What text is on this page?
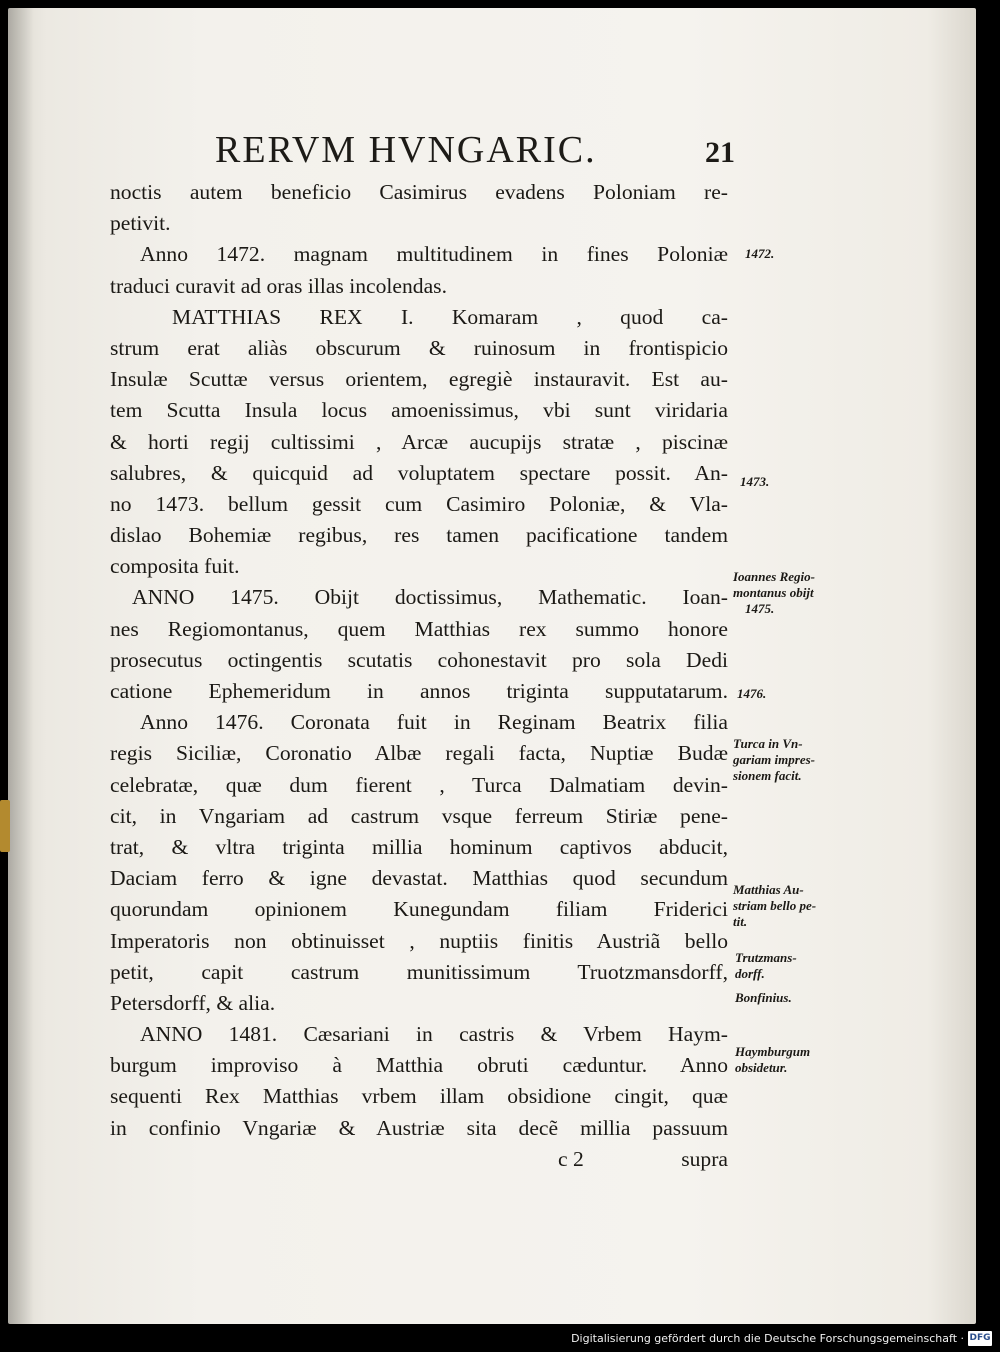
RERVM HVNGARIC.	21
noctis autem beneficio Casimirus evadens Poloniam re-
petivit.
Anno 1472. magnam multitudinem in fines Poloniæ
traduci curavit ad oras illas incolendas.
MATTHIAS REX I. Komaram , quod ca-
strum erat aliàs obscurum & ruinosum in frontispicio
Insulæ Scuttæ versus orientem, egregiè instauravit. Est au-
tem Scutta Insula locus amoenissimus, vbi sunt viridaria
& horti regij cultissimi , Arcæ aucupijs stratæ , piscinæ
salubres, & quicquid ad voluptatem spectare possit. An-
no 1473. bellum gessit cum Casimiro Poloniæ, & Vla-
dislao Bohemiæ regibus, res tamen pacificatione tandem
composita fuit.
ANNO 1475. Obijt doctissimus, Mathematic. Ioan-
nes Regiomontanus, quem Matthias rex summo honore
prosecutus octingentis scutatis cohonestavit pro sola Dedi
catione Ephemeridum in annos triginta supputatarum.
Anno 1476. Coronata fuit in Reginam Beatrix filia
regis Siciliæ, Coronatio Albæ regali facta, Nuptiæ Budæ
celebratæ, quæ dum fierent , Turca Dalmatiam devin-
cit, in Vngariam ad castrum vsque ferreum Stiriæ pene-
trat, & vltra triginta millia hominum captivos abducit,
Daciam ferro & igne devastat. Matthias quod secundum
quorundam opinionem Kunegundam filiam Friderici
Imperatoris non obtinuisset , nuptiis finitis Austriã bello
petit, capit castrum munitissimum Truotzmansdorff,
Petersdorff, & alia.
ANNO 1481. Cæsariani in castris & Vrbem Haym-
burgum improviso à Matthia obruti cæduntur. Anno
sequenti Rex Matthias vrbem illam obsidione cingit, quæ
in confinio Vngariæ & Austriæ sita decẽ millia passuum
c 2	supra
1472.
1473.
Ioannes Regio-
montanus obijt
1475.
1476.
Turca in Vn-
gariam impres-
sionem facit.
Matthias Au-
striam bello pe-
tit.
Trutzmans-
dorff.
Bonfinius.
Haymburgum
obsidetur.
Digitalisierung gefördert durch die Deutsche Forschungsgemeinschaft · DFG
